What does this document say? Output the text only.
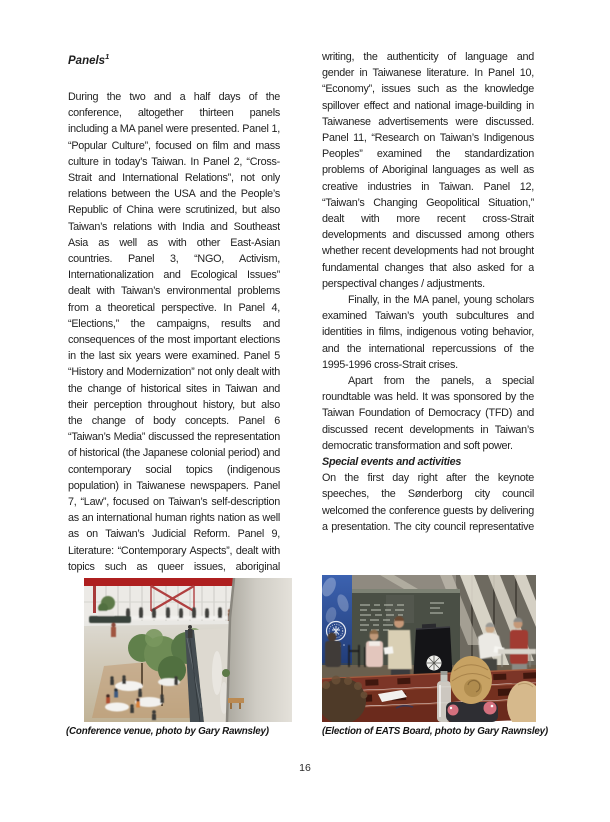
Panels$^1$

During the two and a half days of the conference, altogether thirteen panels including a MA panel were presented. Panel 1, “Popular Culture”, focused on film and mass culture in today’s Taiwan. In Panel 2, “Cross-Strait and International Relations”, not only relations between the USA and the People’s Republic of China were scrutinized, but also Taiwan’s relations with India and Southeast Asia as well as with other East-Asian countries. Panel 3, “NGO, Activism, Internationalization and Ecological Issues” dealt with Taiwan’s environmental problems from a theoretical perspective. In Panel 4, “Elections,” the campaigns, results and consequences of the most important elections in the last six years were examined. Panel 5 “History and Modernization” not only dealt with the change of historical sites in Taiwan and their perception throughout history, but also the change of body concepts. Panel 6 “Taiwan’s Media” discussed the representation of historical (the Japanese colonial period) and contemporary social topics (indigenous population) in Taiwanese newspapers. Panel 7, “Law”, focused on Taiwan’s self-description as an international human rights nation as well as on Taiwan’s Judicial Reform. Panel 9, Literature: “Contemporary Aspects”, dealt with topics such as queer issues, aboriginal

writing, the authenticity of language and gender in Taiwanese literature. In Panel 10, “Economy”, issues such as the knowledge spillover effect and national image-building in Taiwanese advertisements were discussed. Panel 11, “Research on Taiwan’s Indigenous Peoples” examined the standardization problems of Aboriginal languages as well as creative industries in Taiwan. Panel 12, “Taiwan’s Changing Geopolitical Situation,” dealt with more recent cross-Strait developments and discussed among others whether recent developments had not brought fundamental changes that also asked for a perspectival changes / adjustments.

Finally, in the MA panel, young scholars examined Taiwan’s youth subcultures and identities in films, indigenous voting behavior, and the international repercussions of the 1995-1996 cross-Strait crises.

Apart from the panels, a special roundtable was held. It was sponsored by the Taiwan Foundation of Democracy (TFD) and discussed recent developments in Taiwan’s democratic transformation and soft power.

Special events and activities

On the first day right after the keynote speeches, the Sønderborg city council welcomed the conference guests by delivering a presentation. The city council representative

(Conference venue, photo by Gary Rawnsley)	(Election of EATS Board, photo by Gary Rawnsley)
16
